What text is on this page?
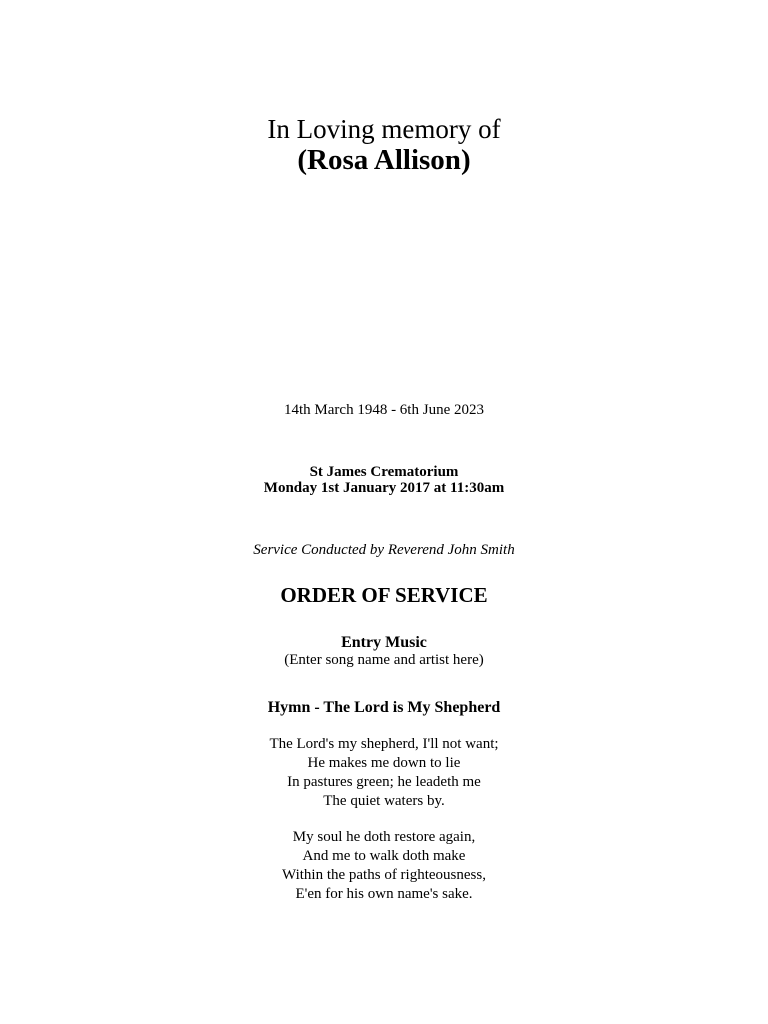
In Loving memory of
(Rosa Allison)
14th March 1948 - 6th June 2023
St James Crematorium
Monday 1st January 2017 at 11:30am
Service Conducted by Reverend John Smith
ORDER OF SERVICE
Entry Music
(Enter song name and artist here)
Hymn - The Lord is My Shepherd
The Lord's my shepherd, I'll not want;
He makes me down to lie
In pastures green; he leadeth me
The quiet waters by.
My soul he doth restore again,
And me to walk doth make
Within the paths of righteousness,
E'en for his own name's sake.
